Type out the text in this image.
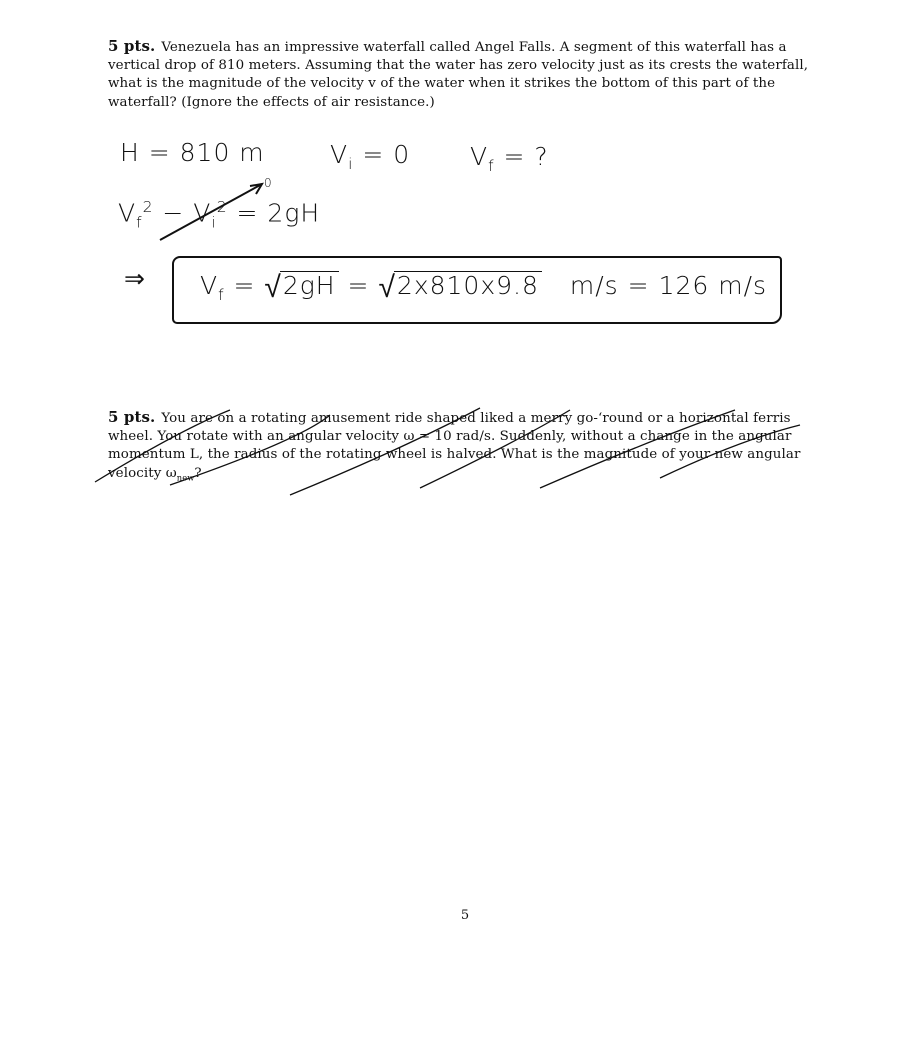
5 pts. Venezuela has an impressive waterfall called Angel Falls. A segment of this waterfall has a vertical drop of 810 meters. Assuming that the water has zero velocity just as its crests the waterfall, what is the magnitude of the velocity v of the water when it strikes the bottom of this part of the waterfall? (Ignore the effects of air resistance.)
H = 810 m	$V_i = 0$ $V_f$ = ?
$V_f^2 - V_i^2 = 2gH$
0
⇒ $V_f = √2gH = √2x810x9.8$ m/s = 126 m/s
5 pts. You are on a rotating amusement ride shaped liked a merry go-‘round or a horizontal ferris wheel. You rotate with an angular velocity ω = 10 rad/s. Suddenly, without a change in the angular momentum L, the radius of the rotating wheel is halved. What is the magnitude of your new angular velocity $\omega_{new}$?
5
